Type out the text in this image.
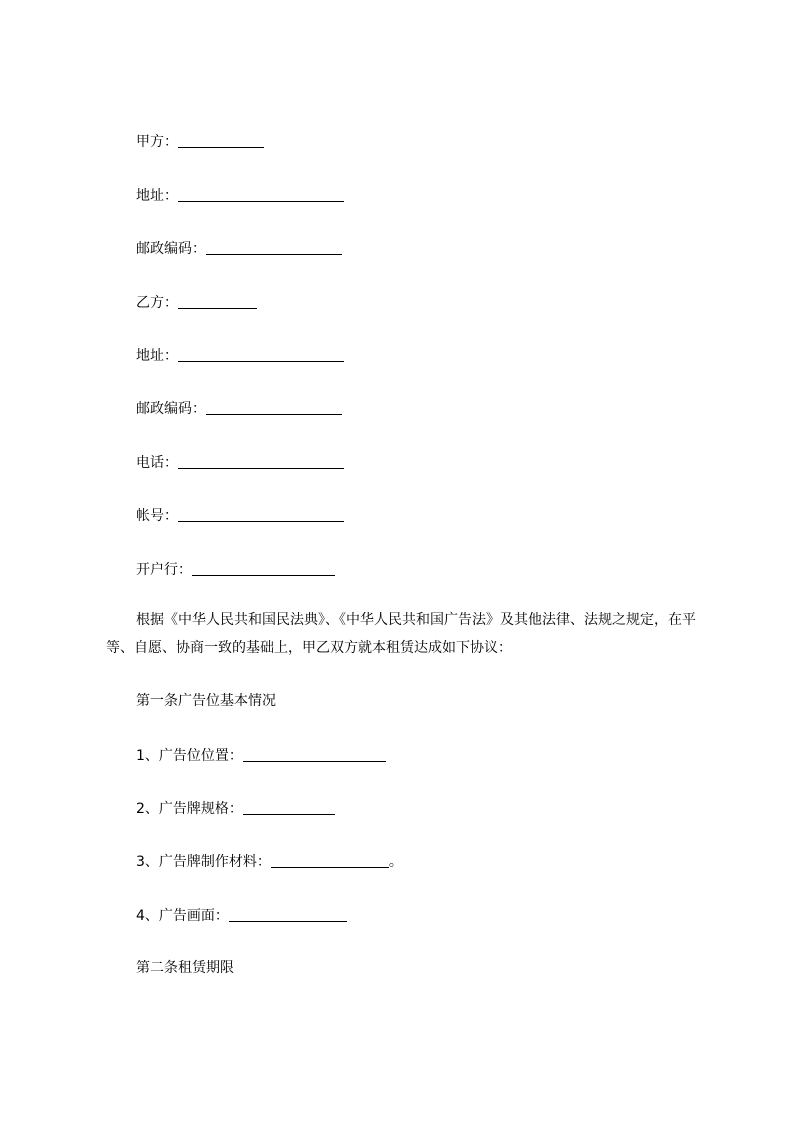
甲方：
地址：
邮政编码：
乙方：
地址：
邮政编码：
电话：
帐号：
开户行：
根据《中华人民共和国民法典》、《中华人民共和国广告法》及其他法律、法规之规定，在平等、自愿、协商一致的基础上，甲乙双方就本租赁达成如下协议：
第一条广告位基本情况
1、广告位位置：
2、广告牌规格：
3、广告牌制作材料：	。
4、广告画面：
第二条租赁期限
